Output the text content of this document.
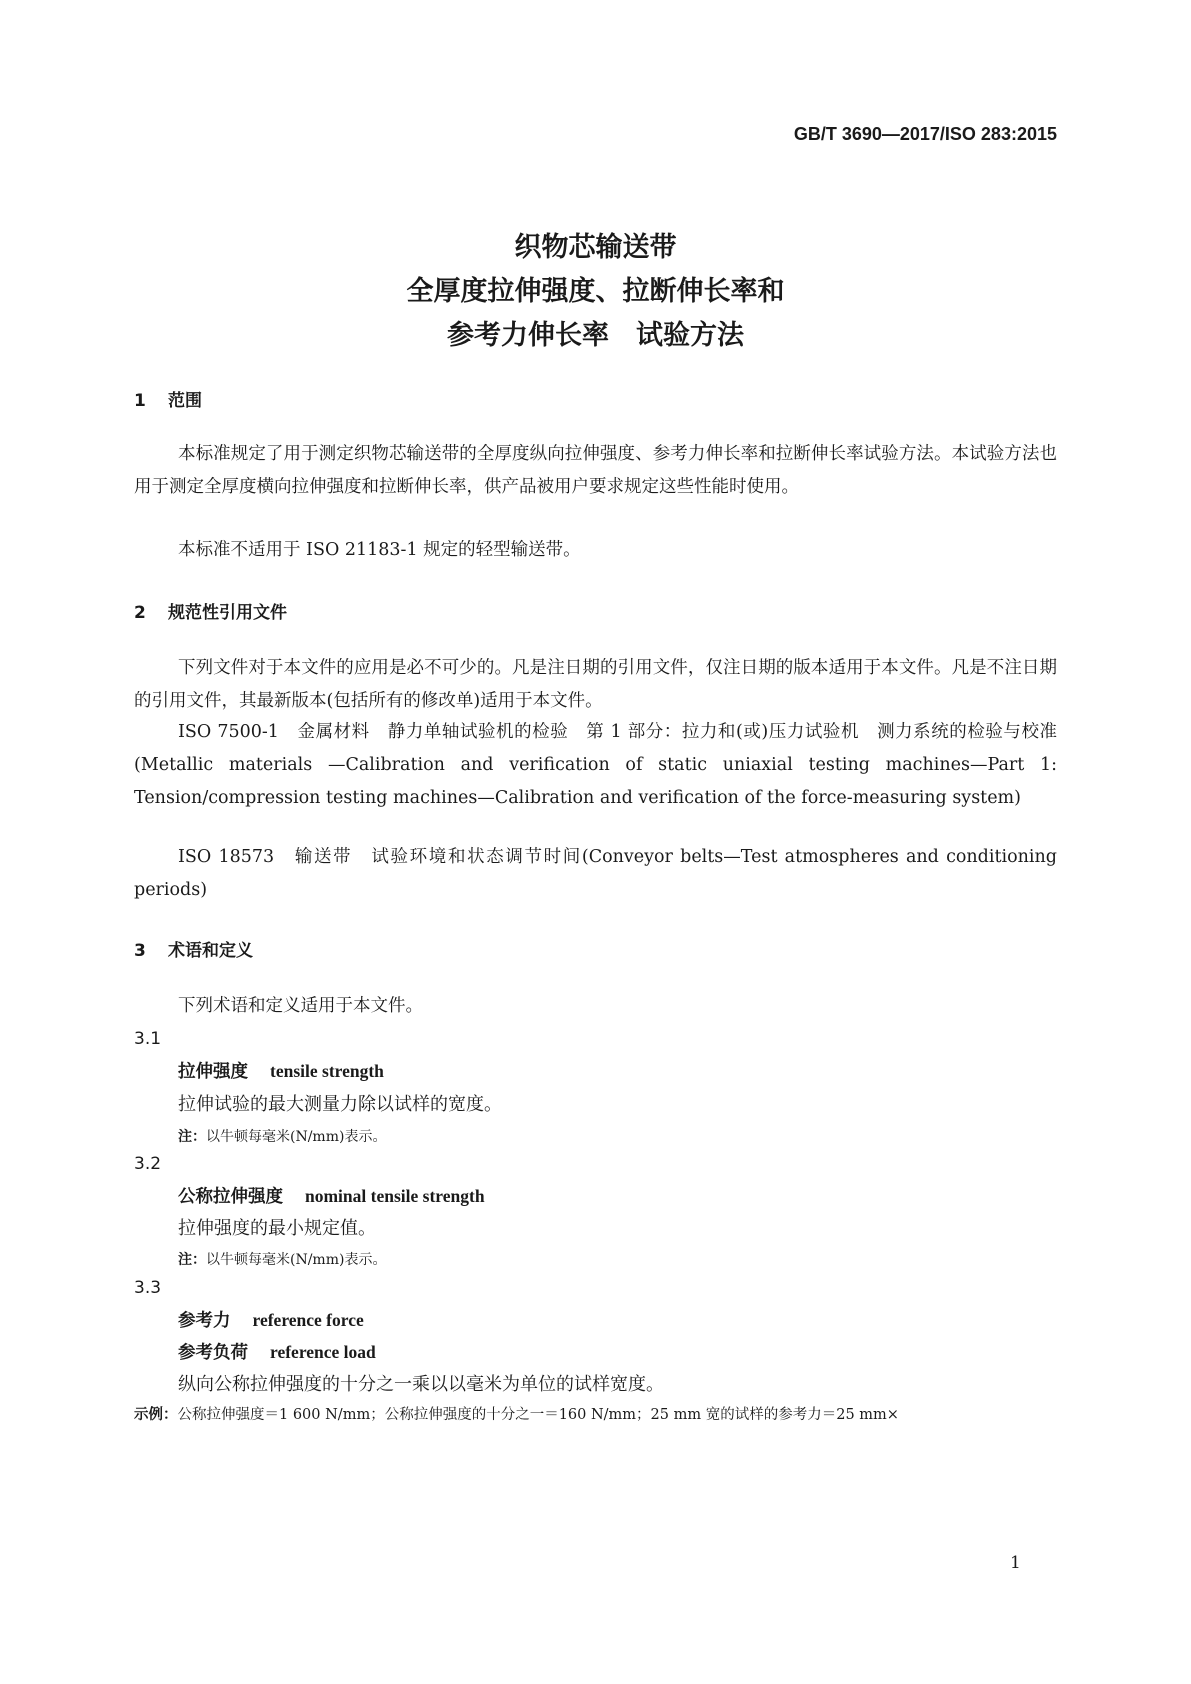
GB/T 3690—2017/ISO 283:2015
织物芯输送带
全厚度拉伸强度、拉断伸长率和
参考力伸长率　试验方法
1 范围

本标准规定了用于测定织物芯输送带的全厚度纵向拉伸强度、参考力伸长率和拉断伸长率试验方法。本试验方法也用于测定全厚度横向拉伸强度和拉断伸长率，供产品被用户要求规定这些性能时使用。

本标准不适用于 ISO 21183-1 规定的轻型输送带。

2 规范性引用文件

下列文件对于本文件的应用是必不可少的。凡是注日期的引用文件，仅注日期的版本适用于本文件。凡是不注日期的引用文件，其最新版本(包括所有的修改单)适用于本文件。

ISO 7500-1　金属材料　静力单轴试验机的检验　第 1 部分：拉力和(或)压力试验机　测力系统的检验与校准(Metallic materials —Calibration and verification of static uniaxial testing machines—Part 1: Tension/compression testing machines—Calibration and verification of the force-measuring system)

ISO 18573　输送带　试验环境和状态调节时间(Conveyor belts—Test atmospheres and conditioning periods)

3 术语和定义

下列术语和定义适用于本文件。

3.1
拉伸强度 tensile strength
拉伸试验的最大测量力除以试样的宽度。
注：以牛顿每毫米(N/mm)表示。
3.2
公称拉伸强度 nominal tensile strength
拉伸强度的最小规定值。
注：以牛顿每毫米(N/mm)表示。
3.3
参考力 reference force
参考负荷 reference load
纵向公称拉伸强度的十分之一乘以以毫米为单位的试样宽度。
示例：公称拉伸强度＝1 600 N/mm；公称拉伸强度的十分之一＝160 N/mm；25 mm 宽的试样的参考力＝25 mm×
1
